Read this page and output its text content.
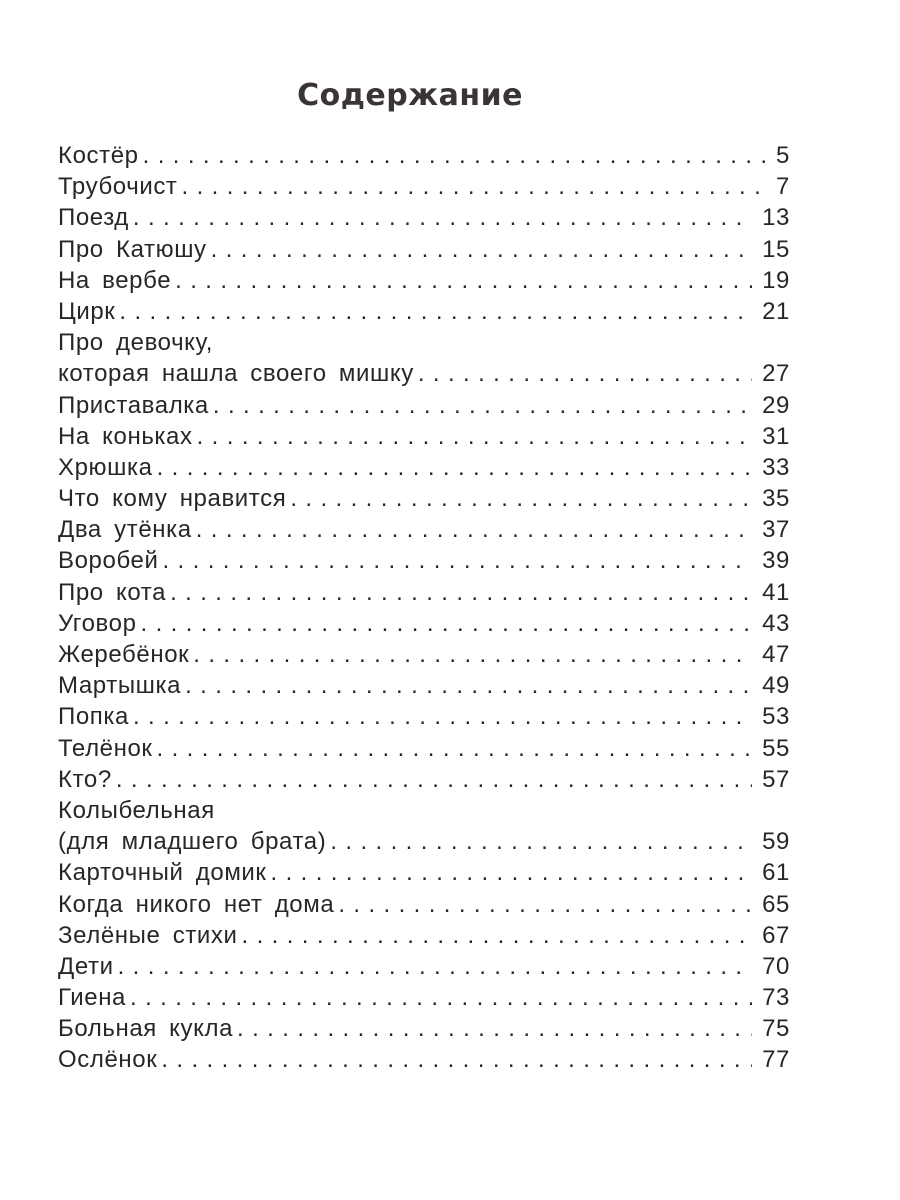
Содержание
Костёр .....	5
Трубочист .....	7
Поезд .....	13
Про Катюшу .....	15
На вербе .....	19
Цирк .....	21
Про девочку,
которая нашла своего мишку .....	27
Приставалка .....	29
На коньках .....	31
Хрюшка .....	33
Что кому нравится .....	35
Два утёнка .....	37
Воробей .....	39
Про кота .....	41
Уговор .....	43
Жеребёнок .....	47
Мартышка .....	49
Попка .....	53
Телёнок .....	55
Кто? .....	57
Колыбельная
(для младшего брата) .....	59
Карточный домик .....	61
Когда никого нет дома .....	65
Зелёные стихи .....	67
Дети .....	70
Гиена .....	73
Больная кукла .....	75
Ослёнок .....	77
